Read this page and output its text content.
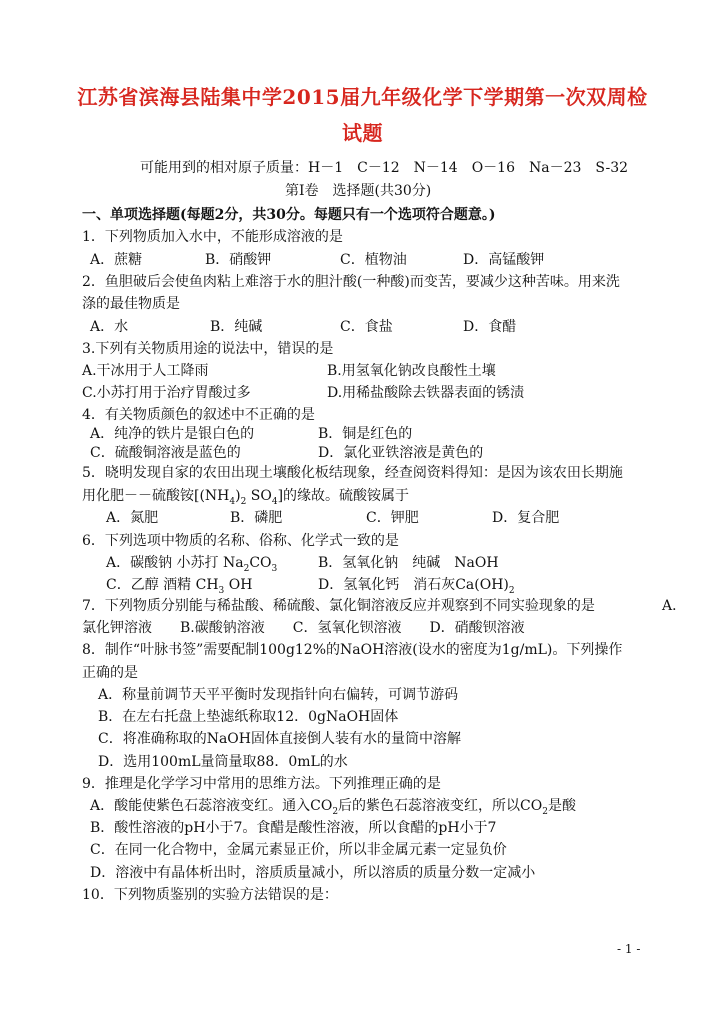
江苏省滨海县陆集中学2015届九年级化学下学期第一次双周检
试题
可能用到的相对原子质量：H－1　C－12　N－14　O－16　Na－23　S-32
第Ⅰ卷　选择题(共30分)
一、单项选择题(每题2分，共30分。每题只有一个选项符合题意。)
1．下列物质加入水中，不能形成溶液的是
A．蔗糖	B．硝酸钾	C．植物油	D．高锰酸钾
2．鱼胆破后会使鱼肉粘上难溶于水的胆汁酸(一种酸)而变苦，要减少这种苦味。用来洗
涤的最佳物质是
A．水	B．纯碱	C．食盐	D．食醋
3.下列有关物质用途的说法中，错误的是
A.干冰用于人工降雨	B.用氢氧化钠改良酸性土壤
C.小苏打用于治疗胃酸过多	D.用稀盐酸除去铁器表面的锈渍
4．有关物质颜色的叙述中不正确的是
A．纯净的铁片是银白色的	B．铜是红色的
C．硫酸铜溶液是蓝色的	D．氯化亚铁溶液是黄色的
5．晓明发现自家的农田出现土壤酸化板结现象，经查阅资料得知：是因为该农田长期施
用化肥－－硫酸铵[$(NH_4)_2$ $SO_4$]的缘故。硫酸铵属于
A．氮肥	B．磷肥	C．钾肥	D．复合肥
6．下列选项中物质的名称、俗称、化学式一致的是
A．碳酸钠 小苏打 $Na_2CO_3$	B．氢氧化钠　纯碱　NaOH
C．乙醇 酒精 $CH_3$ OH	D．氢氧化钙　消石灰$Ca(OH)_2$
7．下列物质分别能与稀盐酸、稀硫酸、氯化铜溶液反应并观察到不同实验现象的是	A．
氯化钾溶液　　B.碳酸钠溶液　　C．氢氧化钡溶液　　D．硝酸钡溶液
8．制作“叶脉书签”需要配制100g12%的NaOH溶液(设水的密度为1g/mL)。下列操作
正确的是
A．称量前调节天平平衡时发现指针向右偏转，可调节游码
B．在左右托盘上垫滤纸称取12．0gNaOH固体
C．将准确称取的NaOH固体直接倒人装有水的量筒中溶解
D．选用100mL量筒量取88．0mL的水
9．推理是化学学习中常用的思维方法。下列推理正确的是
A．酸能使紫色石蕊溶液变红。通入$CO_2$后的紫色石蕊溶液变红，所以$CO_2$是酸
B．酸性溶液的pH小于7。食醋是酸性溶液，所以食醋的pH小于7
C．在同一化合物中，金属元素显正价，所以非金属元素一定显负价
D．溶液中有晶体析出时，溶质质量减小，所以溶质的质量分数一定减小
10．下列物质鉴别的实验方法错误的是：
- 1 -
